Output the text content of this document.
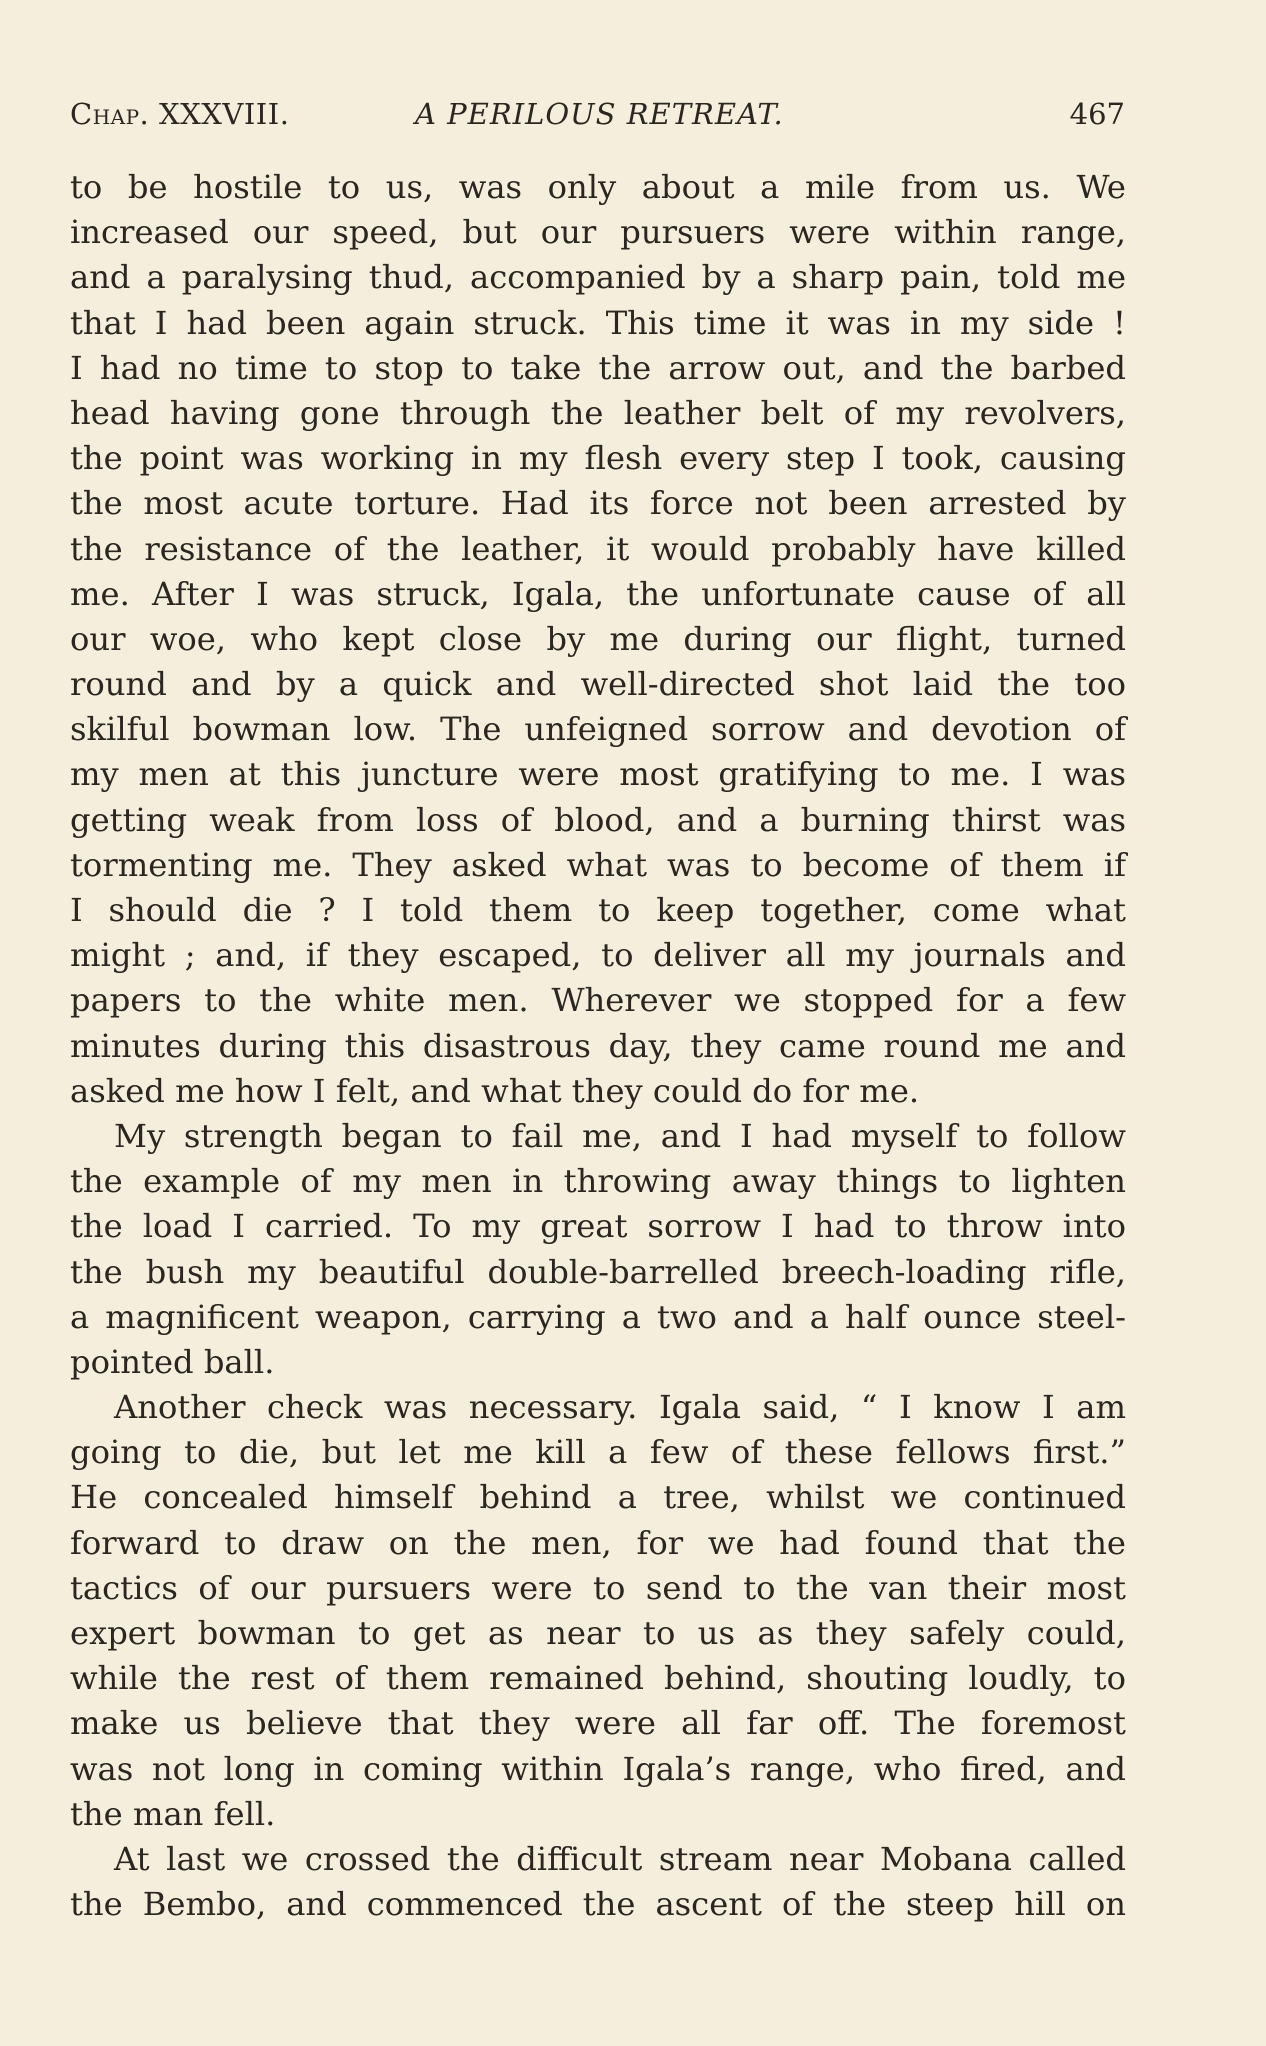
Chap. XXXVIII.	A PERILOUS RETREAT.	467
to be hostile to us, was only about a mile from us. We
increased our speed, but our pursuers were within range,
and a paralysing thud, accompanied by a sharp pain, told me
that I had been again struck. This time it was in my side !
I had no time to stop to take the arrow out, and the barbed
head having gone through the leather belt of my revolvers,
the point was working in my flesh every step I took, causing
the most acute torture. Had its force not been arrested by
the resistance of the leather, it would probably have killed
me. After I was struck, Igala, the unfortunate cause of all
our woe, who kept close by me during our flight, turned
round and by a quick and well-directed shot laid the too
skilful bowman low. The unfeigned sorrow and devotion of
my men at this juncture were most gratifying to me. I was
getting weak from loss of blood, and a burning thirst was
tormenting me. They asked what was to become of them if
I should die ? I told them to keep together, come what
might ; and, if they escaped, to deliver all my journals and
papers to the white men. Wherever we stopped for a few
minutes during this disastrous day, they came round me and
asked me how I felt, and what they could do for me.
My strength began to fail me, and I had myself to follow
the example of my men in throwing away things to lighten
the load I carried. To my great sorrow I had to throw into
the bush my beautiful double-barrelled breech-loading rifle,
a magnificent weapon, carrying a two and a half ounce steel-
pointed ball.
Another check was necessary. Igala said, “ I know I am
going to die, but let me kill a few of these fellows first.”
He concealed himself behind a tree, whilst we continued
forward to draw on the men, for we had found that the
tactics of our pursuers were to send to the van their most
expert bowman to get as near to us as they safely could,
while the rest of them remained behind, shouting loudly, to
make us believe that they were all far off. The foremost
was not long in coming within Igala’s range, who fired, and
the man fell.
At last we crossed the difficult stream near Mobana called
the Bembo, and commenced the ascent of the steep hill on
